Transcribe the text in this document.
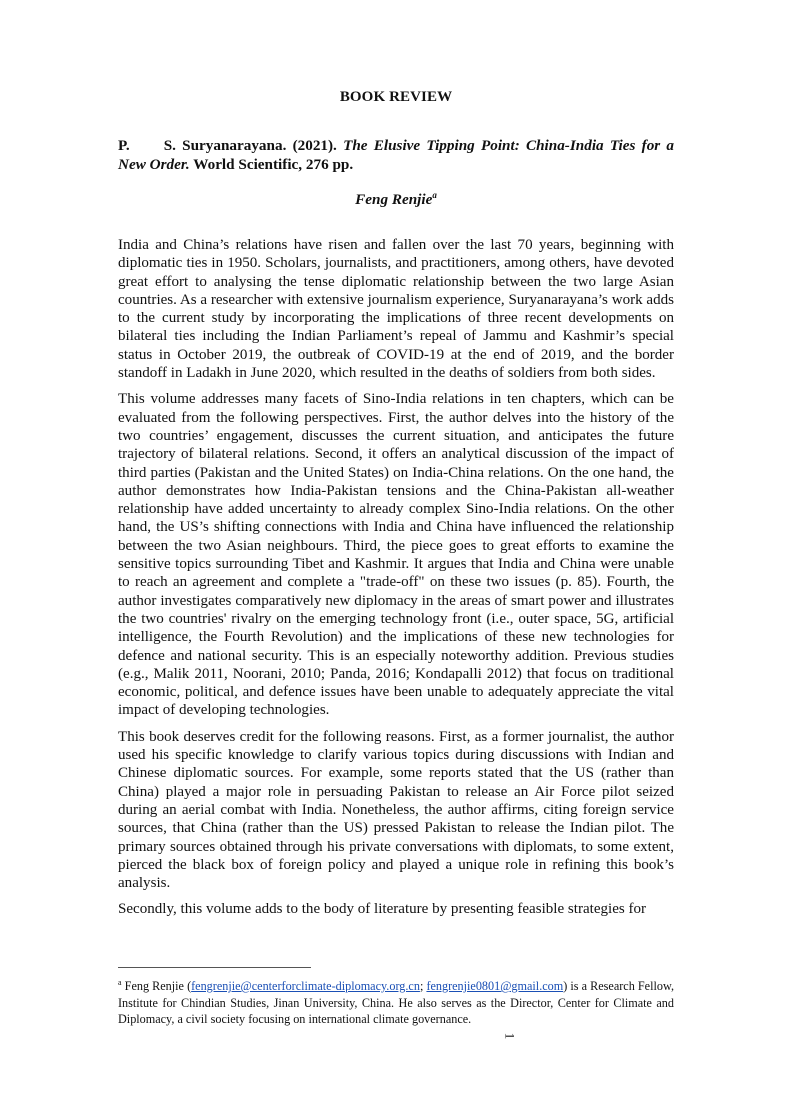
BOOK REVIEW
P. S. Suryanarayana. (2021). The Elusive Tipping Point: China-India Ties for a New Order. World Scientific, 276 pp.
Feng Renjie$^a$

India and China’s relations have risen and fallen over the last 70 years, beginning with diplomatic ties in 1950. Scholars, journalists, and practitioners, among others, have devoted great effort to analysing the tense diplomatic relationship between the two large Asian countries. As a researcher with extensive journalism experience, Suryanarayana’s work adds to the current study by incorporating the implications of three recent developments on bilateral ties including the Indian Parliament’s repeal of Jammu and Kashmir’s special status in October 2019, the outbreak of COVID-19 at the end of 2019, and the border standoff in Ladakh in June 2020, which resulted in the deaths of soldiers from both sides.

This volume addresses many facets of Sino-India relations in ten chapters, which can be evaluated from the following perspectives. First, the author delves into the history of the two countries’ engagement, discusses the current situation, and anticipates the future trajectory of bilateral relations. Second, it offers an analytical discussion of the impact of third parties (Pakistan and the United States) on India-China relations. On the one hand, the author demonstrates how India-Pakistan tensions and the China-Pakistan all-weather relationship have added uncertainty to already complex Sino-India relations. On the other hand, the US’s shifting connections with India and China have influenced the relationship between the two Asian neighbours. Third, the piece goes to great efforts to examine the sensitive topics surrounding Tibet and Kashmir. It argues that India and China were unable to reach an agreement and complete a "trade-off" on these two issues (p. 85). Fourth, the author investigates comparatively new diplomacy in the areas of smart power and illustrates the two countries' rivalry on the emerging technology front (i.e., outer space, 5G, artificial intelligence, the Fourth Revolution) and the implications of these new technologies for defence and national security. This is an especially noteworthy addition. Previous studies (e.g., Malik 2011, Noorani, 2010; Panda, 2016; Kondapalli 2012) that focus on traditional economic, political, and defence issues have been unable to adequately appreciate the vital impact of developing technologies.

This book deserves credit for the following reasons. First, as a former journalist, the author used his specific knowledge to clarify various topics during discussions with Indian and Chinese diplomatic sources. For example, some reports stated that the US (rather than China) played a major role in persuading Pakistan to release an Air Force pilot seized during an aerial combat with India. Nonetheless, the author affirms, citing foreign service sources, that China (rather than the US) pressed Pakistan to release the Indian pilot. The primary sources obtained through his private conversations with diplomats, to some extent, pierced the black box of foreign policy and played a unique role in refining this book’s analysis.

Secondly, this volume adds to the body of literature by presenting feasible strategies for

$^a$ Feng Renjie (fengrenjie@centerforclimate-diplomacy.org.cn; fengrenjie0801@gmail.com) is a Research Fellow, Institute for Chindian Studies, Jinan University, China. He also serves as the Director, Center for Climate and Diplomacy, a civil society focusing on international climate governance.
1
